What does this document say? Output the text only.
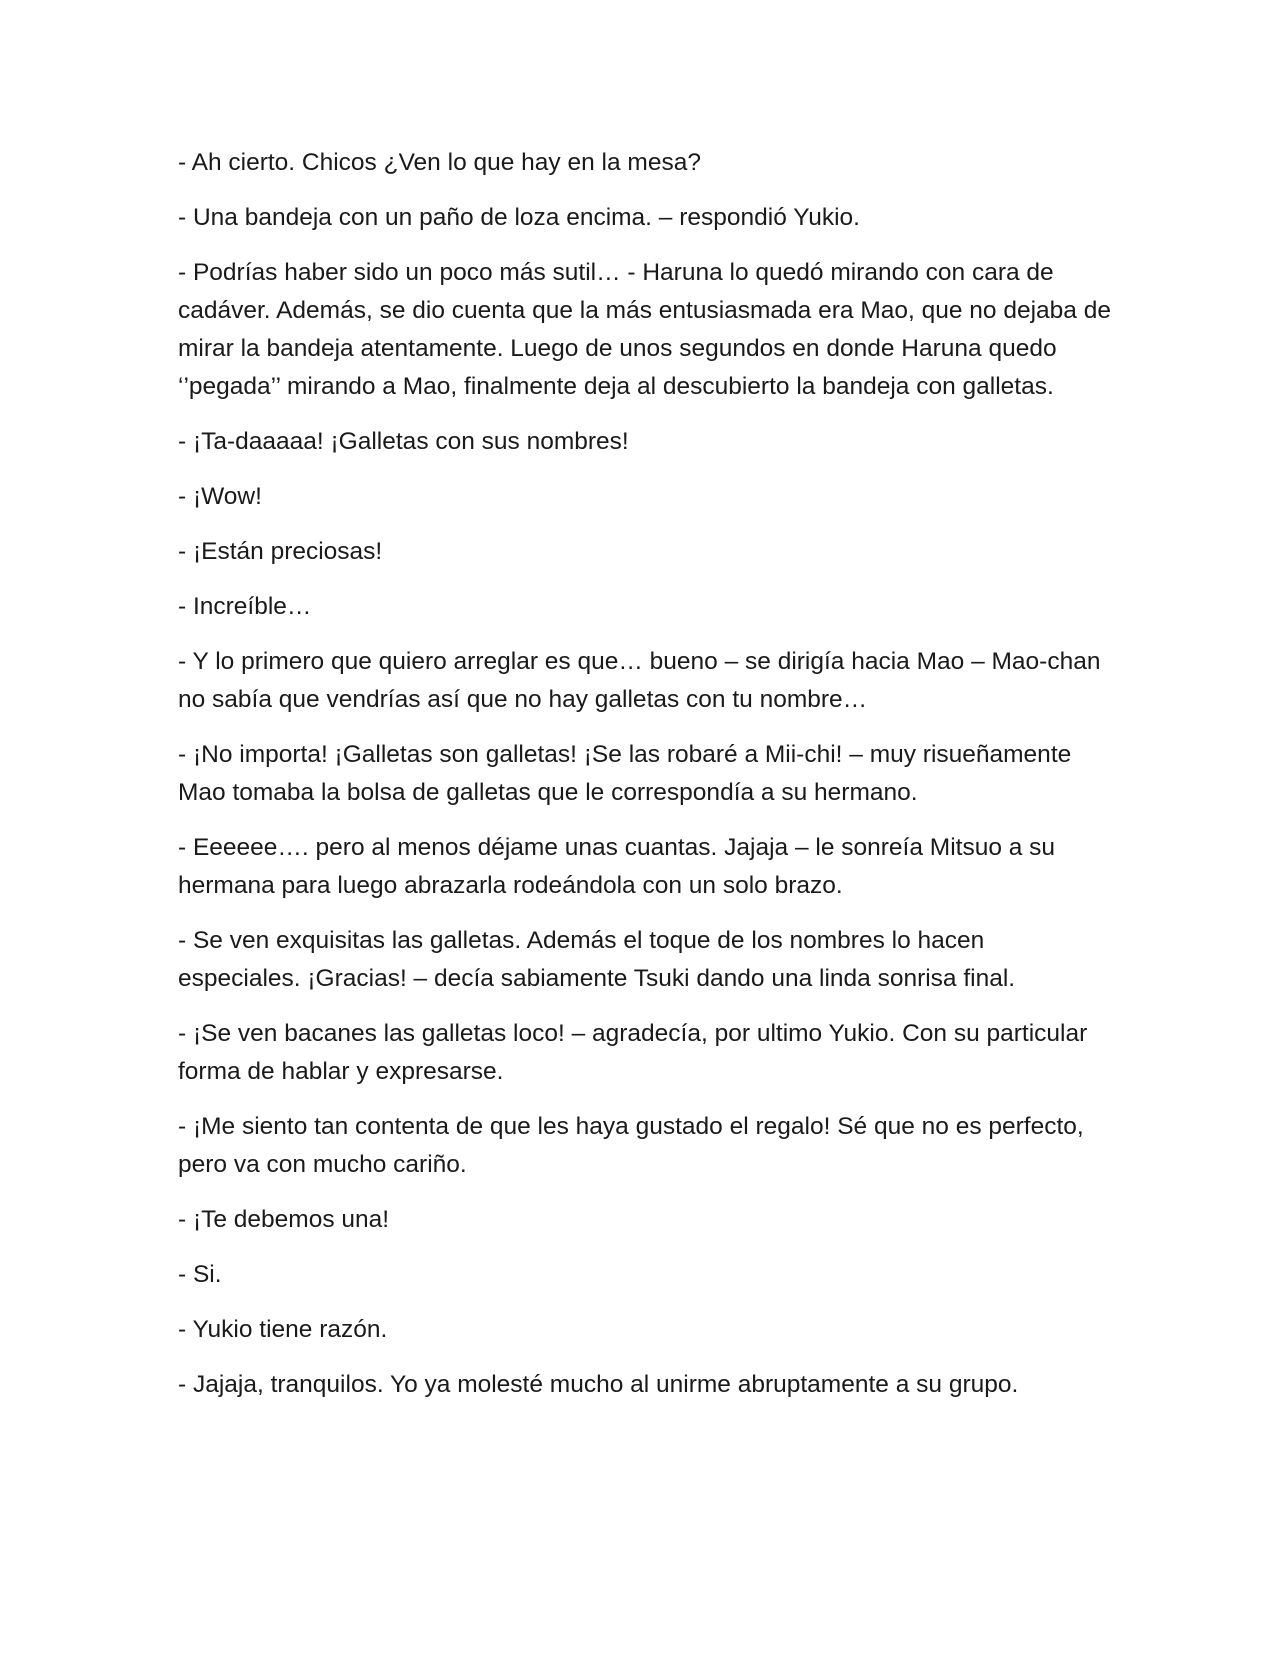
- Ah cierto. Chicos ¿Ven lo que hay en la mesa?

- Una bandeja con un paño de loza encima. – respondió Yukio.

- Podrías haber sido un poco más sutil… - Haruna lo quedó mirando con cara de cadáver. Además, se dio cuenta que la más entusiasmada era Mao, que no dejaba de mirar la bandeja atentamente. Luego de unos segundos en donde Haruna quedo ‘’pegada’’ mirando a Mao, finalmente deja al descubierto la bandeja con galletas.

- ¡Ta-daaaaa! ¡Galletas con sus nombres!

- ¡Wow!

- ¡Están preciosas!

- Increíble…

- Y lo primero que quiero arreglar es que… bueno – se dirigía hacia Mao – Mao-chan no sabía que vendrías así que no hay galletas con tu nombre…

- ¡No importa! ¡Galletas son galletas! ¡Se las robaré a Mii-chi! – muy risueñamente Mao tomaba la bolsa de galletas que le correspondía a su hermano.

- Eeeeee…. pero al menos déjame unas cuantas. Jajaja – le sonreía Mitsuo a su hermana para luego abrazarla rodeándola con un solo brazo.

- Se ven exquisitas las galletas. Además el toque de los nombres lo hacen especiales. ¡Gracias! – decía sabiamente Tsuki dando una linda sonrisa final.

- ¡Se ven bacanes las galletas loco! – agradecía, por ultimo Yukio. Con su particular forma de hablar y expresarse.

- ¡Me siento tan contenta de que les haya gustado el regalo! Sé que no es perfecto, pero va con mucho cariño.

- ¡Te debemos una!

- Si.

- Yukio tiene razón.

- Jajaja, tranquilos. Yo ya molesté mucho al unirme abruptamente a su grupo.
